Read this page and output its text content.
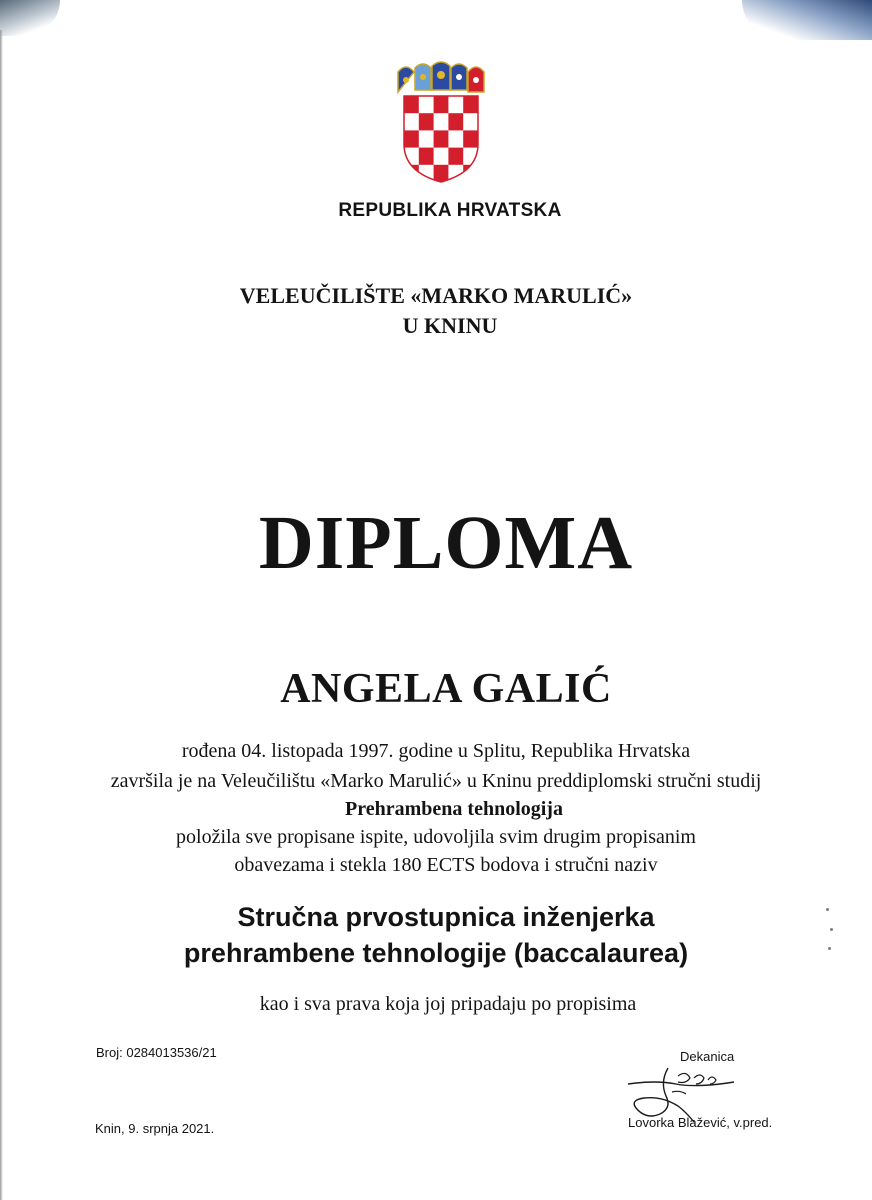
REPUBLIKA HRVATSKA
VELEUČILIŠTE «MARKO MARULIĆ»
U KNINU
DIPLOMA
ANGELA GALIĆ
rođena 04. listopada 1997. godine u Splitu, Republika Hrvatska
završila je na Veleučilištu «Marko Marulić» u Kninu preddiplomski stručni studij
Prehrambena tehnologija
položila sve propisane ispite, udovoljila svim drugim propisanim
obavezama i stekla 180 ECTS bodova i stručni naziv
Stručna prvostupnica inženjerka
prehrambene tehnologije (baccalaurea)
kao i sva prava koja joj pripadaju po propisima
Broj: 0284013536/21	Dekanica
Lovorka Blažević, v.pred.
Knin, 9. srpnja 2021.
